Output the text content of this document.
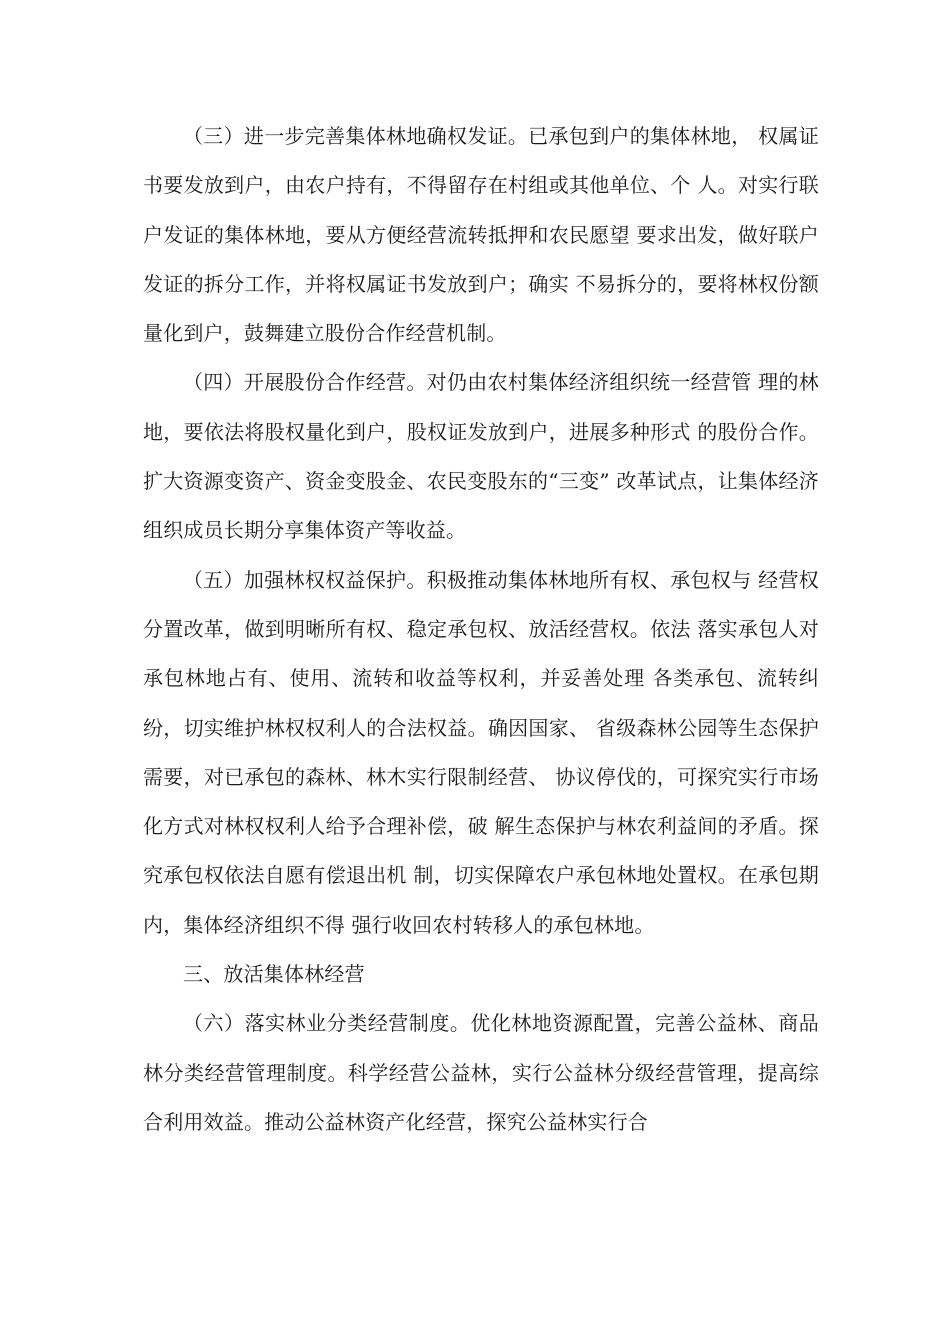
（三）进一步完善集体林地确权发证。已承包到户的集体林地， 权属证书要发放到户，由农户持有，不得留存在村组或其他单位、个 人。对实行联户发证的集体林地，要从方便经营流转抵押和农民愿望 要求出发，做好联户发证的拆分工作，并将权属证书发放到户；确实 不易拆分的，要将林权份额量化到户，鼓舞建立股份合作经营机制。

（四）开展股份合作经营。对仍由农村集体经济组织统一经营管 理的林地，要依法将股权量化到户，股权证发放到户，进展多种形式 的股份合作。扩大资源变资产、资金变股金、农民变股东的“三变” 改革试点，让集体经济组织成员长期分享集体资产等收益。

（五）加强林权权益保护。积极推动集体林地所有权、承包权与 经营权分置改革，做到明晰所有权、稳定承包权、放活经营权。依法 落实承包人对承包林地占有、使用、流转和收益等权利，并妥善处理 各类承包、流转纠纷，切实维护林权权利人的合法权益。确因国家、 省级森林公园等生态保护需要，对已承包的森林、林木实行限制经营、 协议停伐的，可探究实行市场化方式对林权权利人给予合理补偿，破 解生态保护与林农利益间的矛盾。探究承包权依法自愿有偿退出机 制，切实保障农户承包林地处置权。在承包期内，集体经济组织不得 强行收回农村转移人的承包林地。

三、放活集体林经营

（六）落实林业分类经营制度。优化林地资源配置，完善公益林、商品林分类经营管理制度。科学经营公益林，实行公益林分级经营管理，提高综合利用效益。推动公益林资产化经营，探究公益林实行合
